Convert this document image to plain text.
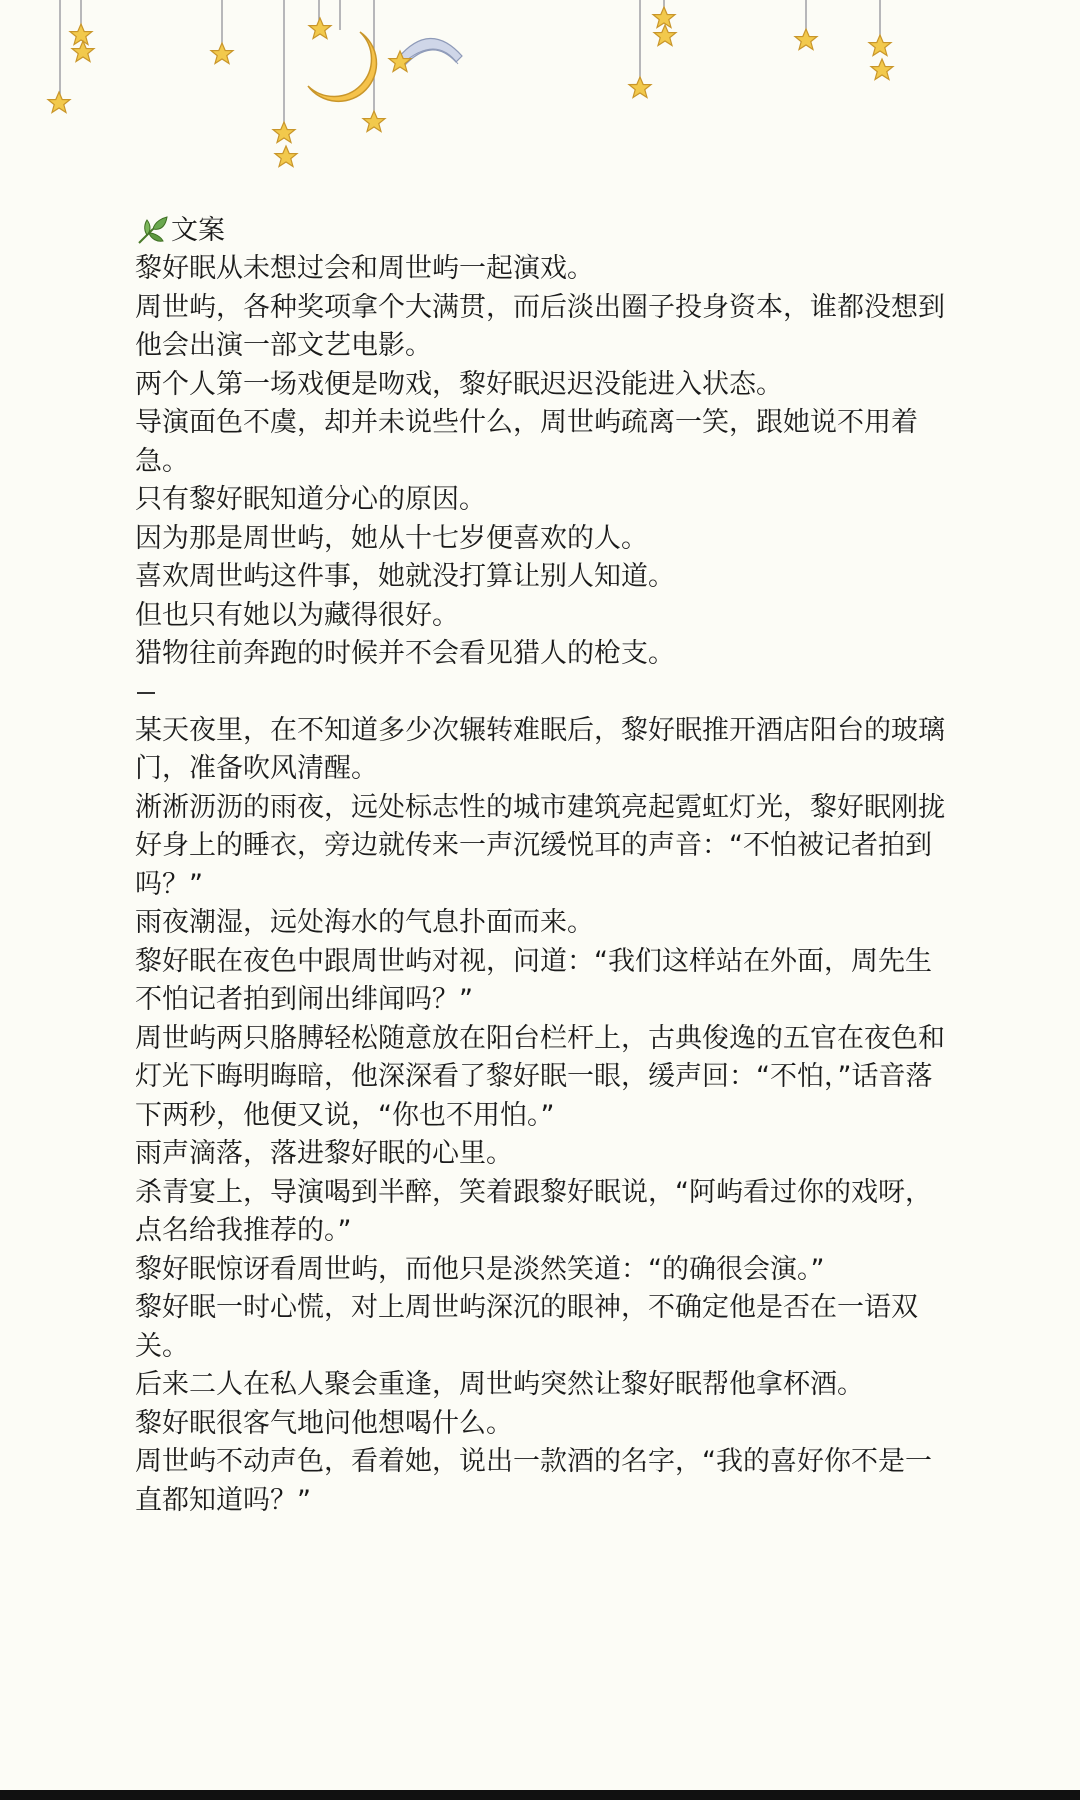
文案

黎好眠从未想过会和周世屿一起演戏。

周世屿，各种奖项拿个大满贯，而后淡出圈子投身资本，谁都没想到他会出演一部文艺电影。

两个人第一场戏便是吻戏，黎好眠迟迟没能进入状态。

导演面色不虞，却并未说些什么，周世屿疏离一笑，跟她说不用着急。

只有黎好眠知道分心的原因。

因为那是周世屿，她从十七岁便喜欢的人。

喜欢周世屿这件事，她就没打算让别人知道。

但也只有她以为藏得很好。

猎物往前奔跑的时候并不会看见猎人的枪支。

某天夜里，在不知道多少次辗转难眠后，黎好眠推开酒店阳台的玻璃门，准备吹风清醒。

淅淅沥沥的雨夜，远处标志性的城市建筑亮起霓虹灯光，黎好眠刚拢好身上的睡衣，旁边就传来一声沉缓悦耳的声音：“不怕被记者拍到吗？”

雨夜潮湿，远处海水的气息扑面而来。

黎好眠在夜色中跟周世屿对视，问道：“我们这样站在外面，周先生不怕记者拍到闹出绯闻吗？”

周世屿两只胳膊轻松随意放在阳台栏杆上，古典俊逸的五官在夜色和灯光下晦明晦暗，他深深看了黎好眠一眼，缓声回：“不怕，”话音落下两秒，他便又说，“你也不用怕。”

雨声滴落，落进黎好眠的心里。

杀青宴上，导演喝到半醉，笑着跟黎好眠说，“阿屿看过你的戏呀，点名给我推荐的。”

黎好眠惊讶看周世屿，而他只是淡然笑道：“的确很会演。”

黎好眠一时心慌，对上周世屿深沉的眼神，不确定他是否在一语双关。

后来二人在私人聚会重逢，周世屿突然让黎好眠帮他拿杯酒。

黎好眠很客气地问他想喝什么。

周世屿不动声色，看着她，说出一款酒的名字，“我的喜好你不是一直都知道吗？”
